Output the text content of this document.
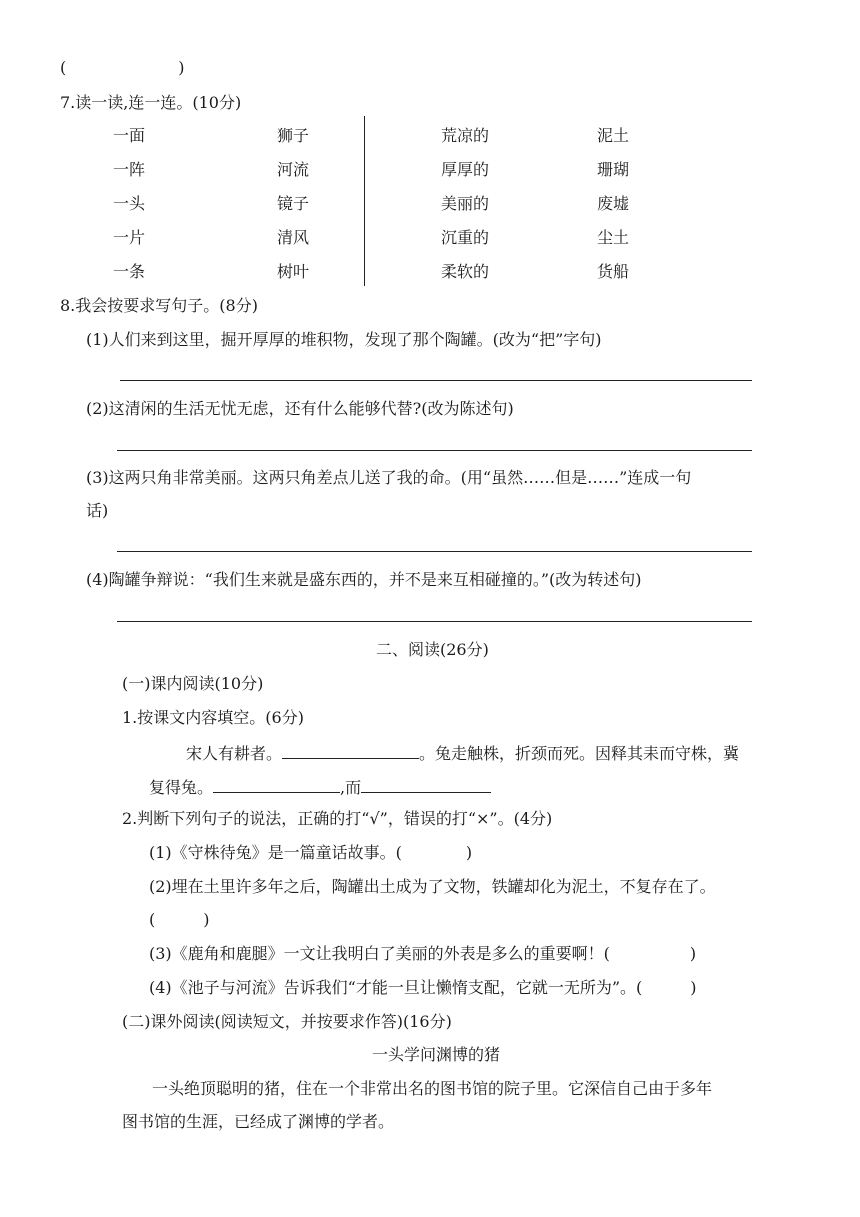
(　　　　　　　)
7.读一读,连一连。(10分)
一面
一阵
一头
一片
一条
狮子
河流
镜子
清风
树叶
荒凉的
厚厚的
美丽的
沉重的
柔软的
泥土
珊瑚
废墟
尘土
货船
8.我会按要求写句子。(8分)
(1)人们来到这里，掘开厚厚的堆积物，发现了那个陶罐。(改为“把”字句)
(2)这清闲的生活无忧无虑，还有什么能够代替?(改为陈述句)
(3)这两只角非常美丽。这两只角差点儿送了我的命。(用“虽然……但是……”连成一句
话)
(4)陶罐争辩说：“我们生来就是盛东西的，并不是来互相碰撞的。”(改为转述句)
二、阅读(26分)
(一)课内阅读(10分)
1.按课文内容填空。(6分)
宋人有耕者。	。兔走触株，折颈而死。因释其耒而守株，冀
复得兔。	,而
2.判断下列句子的说法，正确的打“√”，错误的打“×”。(4分)
(1)《守株待兔》是一篇童话故事。(　　　　)
(2)埋在土里许多年之后，陶罐出土成为了文物，铁罐却化为泥土，不复存在了。
(　　　)
(3)《鹿角和鹿腿》一文让我明白了美丽的外表是多么的重要啊！(　　　　　)
(4)《池子与河流》告诉我们“才能一旦让懒惰支配，它就一无所为”。(　　　)
(二)课外阅读(阅读短文，并按要求作答)(16分)
一头学问渊博的猪
一头绝顶聪明的猪，住在一个非常出名的图书馆的院子里。它深信自己由于多年
图书馆的生涯，已经成了渊博的学者。
